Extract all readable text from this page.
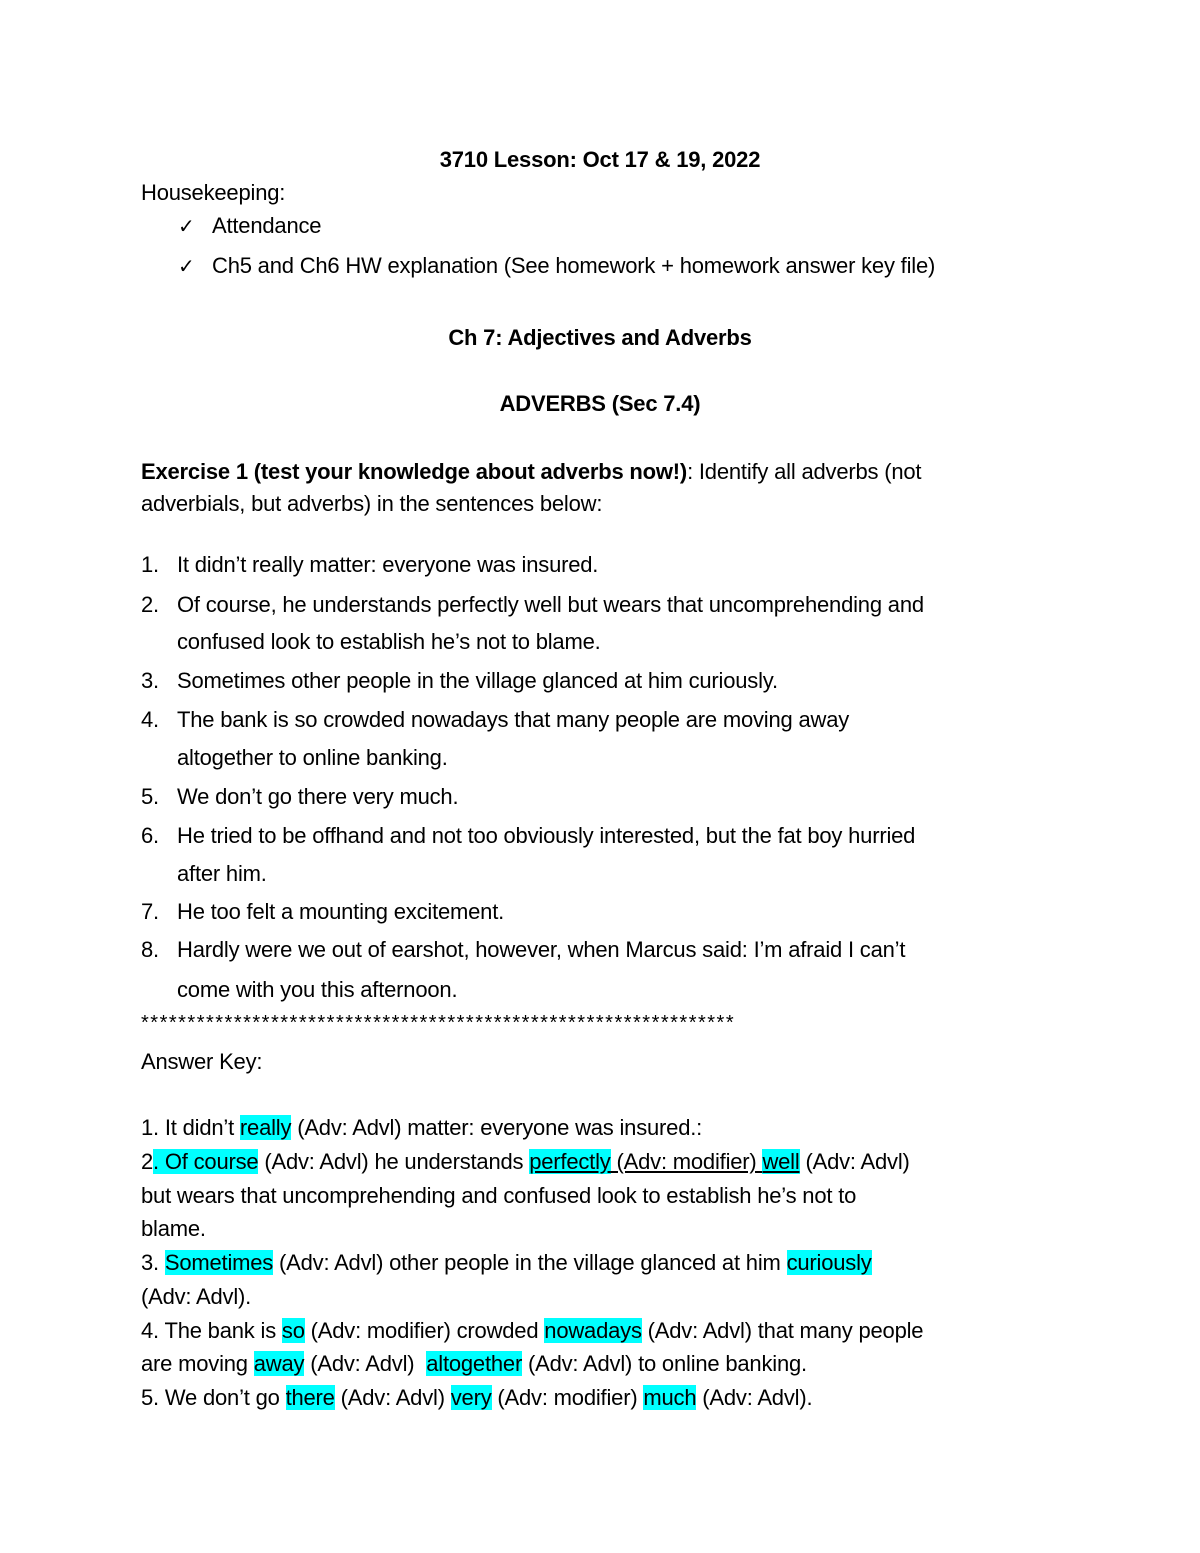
3710 Lesson: Oct 17 & 19, 2022
Housekeeping:
✓ Attendance
✓ Ch5 and Ch6 HW explanation (See homework + homework answer key file)
Ch 7: Adjectives and Adverbs
ADVERBS (Sec 7.4)
Exercise 1 (test your knowledge about adverbs now!): Identify all adverbs (not
adverbials, but adverbs) in the sentences below:
1. It didn’t really matter: everyone was insured.
2. Of course, he understands perfectly well but wears that uncomprehending and
confused look to establish he’s not to blame.
3. Sometimes other people in the village glanced at him curiously.
4. The bank is so crowded nowadays that many people are moving away
altogether to online banking.
5. We don’t go there very much.
6. He tried to be offhand and not too obviously interested, but the fat boy hurried
after him.
7. He too felt a mounting excitement.
8. Hardly were we out of earshot, however, when Marcus said: I’m afraid I can’t
come with you this afternoon.
****************************************************************
Answer Key:
1. It didn’t really (Adv: Advl) matter: everyone was insured.:
2. Of course (Adv: Advl) he understands perfectly (Adv: modifier) well (Adv: Advl)
but wears that uncomprehending and confused look to establish he’s not to
blame.
3. Sometimes (Adv: Advl) other people in the village glanced at him curiously
(Adv: Advl).
4. The bank is so (Adv: modifier) crowded nowadays (Adv: Advl) that many people
are moving away (Adv: Advl)  altogether (Adv: Advl) to online banking.
5. We don’t go there (Adv: Advl) very (Adv: modifier) much (Adv: Advl).
